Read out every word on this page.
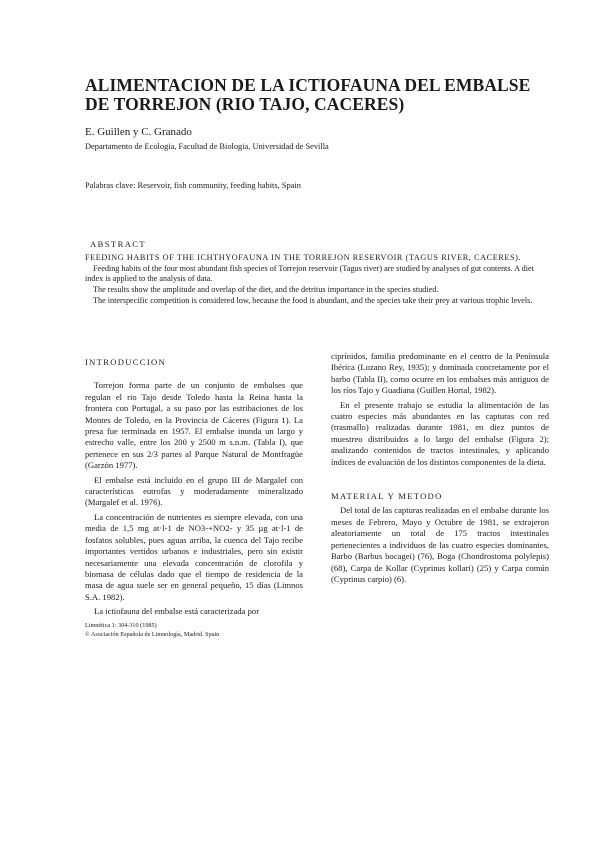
ALIMENTACION DE LA ICTIOFAUNA DEL EMBALSE
DE TORREJON (RIO TAJO, CACERES)
E. Guillen y C. Granado
Departamento de Ecologia, Facultad de Biologia, Universidad de Sevilla
Palabras clave: Reservoir, fish community, feeding habits, Spain
ABSTRACT

FEEDING HABITS OF THE ICHTHYOFAUNA IN THE TORREJON RESERVOIR (TAGUS RIVER, CACERES).

Feeding habits of the four most abundant fish species of Torrejon reservoir (Tagus river) are studied by analyses of gut contents. A diet index is applied to the analysis of data.

The results show the amplitude and overlap of the diet, and the detritus importance in the species studied.

The interspecific competition is considered low, because the food is abundant, and the species take their prey at various trophic levels.

INTRODUCCION

Torrejon forma parte de un conjunto de embalses que regulan el rio Tajo desde Toledo hasta la Reina hasta la frontera con Portugal, a su paso por las estribaciones de los Montes de Toledo, en la Provincia de Cáceres (Figura 1). La presa fue terminada en 1957. El embalse inunda un largo y estrecho valle, entre los 200 y 2500 m s.n.m. (Tabla I), que pertenece en sus 2/3 partes al Parque Natural de Montfragüe (Garzón 1977).

El embalse está incluido en el grupo III de Margalef con características eutrofas y moderadamente mineralizado (Margalef et al. 1976).

La concentración de nutrientes es siempre elevada, con una media de 1,5 mg at·l-1 de NO3-+NO2- y 35 µg at·l-1 de fosfatos solubles, pues aguas arriba, la cuenca del Tajo recibe importantes vertidos urbanos e industriales, pero sin existir necesariamente una elevada concentración de clorofila y biomasa de células dado que el tiempo de residencia de la masa de agua suele ser en general pequeño, 15 días (Limnos S.A. 1982).

La ictiofauna del embalse está caracterizada por

ciprínidos, familia predominante en el centro de la Península Ibérica (Lozano Rey, 1935); y dominada concretamente por el barbo (Tabla II), como ocurre en los embalses más antiguos de los ríos Tajo y Guadiana (Guillen Hortal, 1982).

En el presente trabajo se estudia la alimentación de las cuatro especies más abundantes en las capturas con red (trasmallo) realizadas durante 1981, en diez puntos de muestreo distribuidos a lo largo del embalse (Figura 2); analizando contenidos de tractos intestinales, y aplicando índices de evaluación de los distintos componentes de la dieta.

MATERIAL Y METODO

Del total de las capturas realizadas en el embalse durante los meses de Febrero, Mayo y Octubre de 1981, se extrajeron aleatoriamente un total de 175 tractos intestinales pertenecientes a individuos de las cuatro especies dominantes, Barbo (Barbus bocagei) (76), Boga (Chondrostoma polylepis) (68), Carpa de Kollar (Cyprinus kollari) (25) y Carpa común (Cyprinus carpio) (6).

Limnética 1: 304-310 (1985)
© Asociación Española de Limnología, Madrid. Spain
